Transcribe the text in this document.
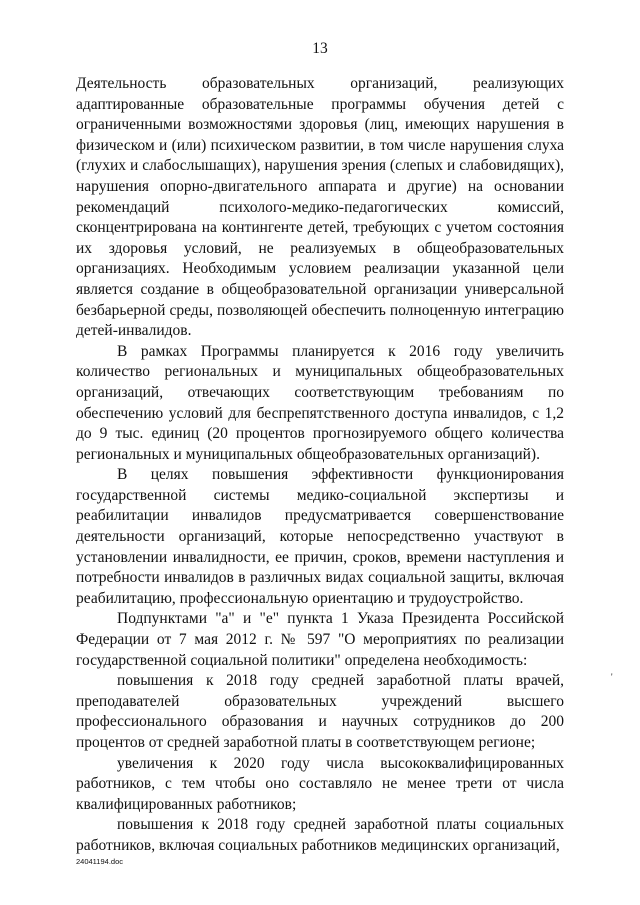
13

Деятельность образовательных организаций, реализующих адаптированные образовательные программы обучения детей с ограниченными возможностями здоровья (лиц, имеющих нарушения в физическом и (или) психическом развитии, в том числе нарушения слуха (глухих и слабослышащих), нарушения зрения (слепых и слабовидящих), нарушения опорно-двигательного аппарата и другие) на основании рекомендаций психолого-медико-педагогических комиссий, сконцентрирована на контингенте детей, требующих с учетом состояния их здоровья условий, не реализуемых в общеобразовательных организациях. Необходимым условием реализации указанной цели является создание в общеобразовательной организации универсальной безбарьерной среды, позволяющей обеспечить полноценную интеграцию детей-инвалидов.

В рамках Программы планируется к 2016 году увеличить количество региональных и муниципальных общеобразовательных организаций, отвечающих соответствующим требованиям по обеспечению условий для беспрепятственного доступа инвалидов, с 1,2 до 9 тыс. единиц (20 процентов прогнозируемого общего количества региональных и муниципальных общеобразовательных организаций).

В целях повышения эффективности функционирования государственной системы медико-социальной экспертизы и реабилитации инвалидов предусматривается совершенствование деятельности организаций, которые непосредственно участвуют в установлении инвалидности, ее причин, сроков, времени наступления и потребности инвалидов в различных видах социальной защиты, включая реабилитацию, профессиональную ориентацию и трудоустройство.

Подпунктами "а" и "е" пункта 1 Указа Президента Российской Федерации от 7 мая 2012 г. № 597 "О мероприятиях по реализации государственной социальной политики" определена необходимость:

повышения к 2018 году средней заработной платы врачей, преподавателей образовательных учреждений высшего профессионального образования и научных сотрудников до 200 процентов от средней заработной платы в соответствующем регионе;

увеличения к 2020 году числа высококвалифицированных работников, с тем чтобы оно составляло не менее трети от числа квалифицированных работников;

повышения к 2018 году средней заработной платы социальных работников, включая социальных работников медицинских организаций,

'
24041194.doc
